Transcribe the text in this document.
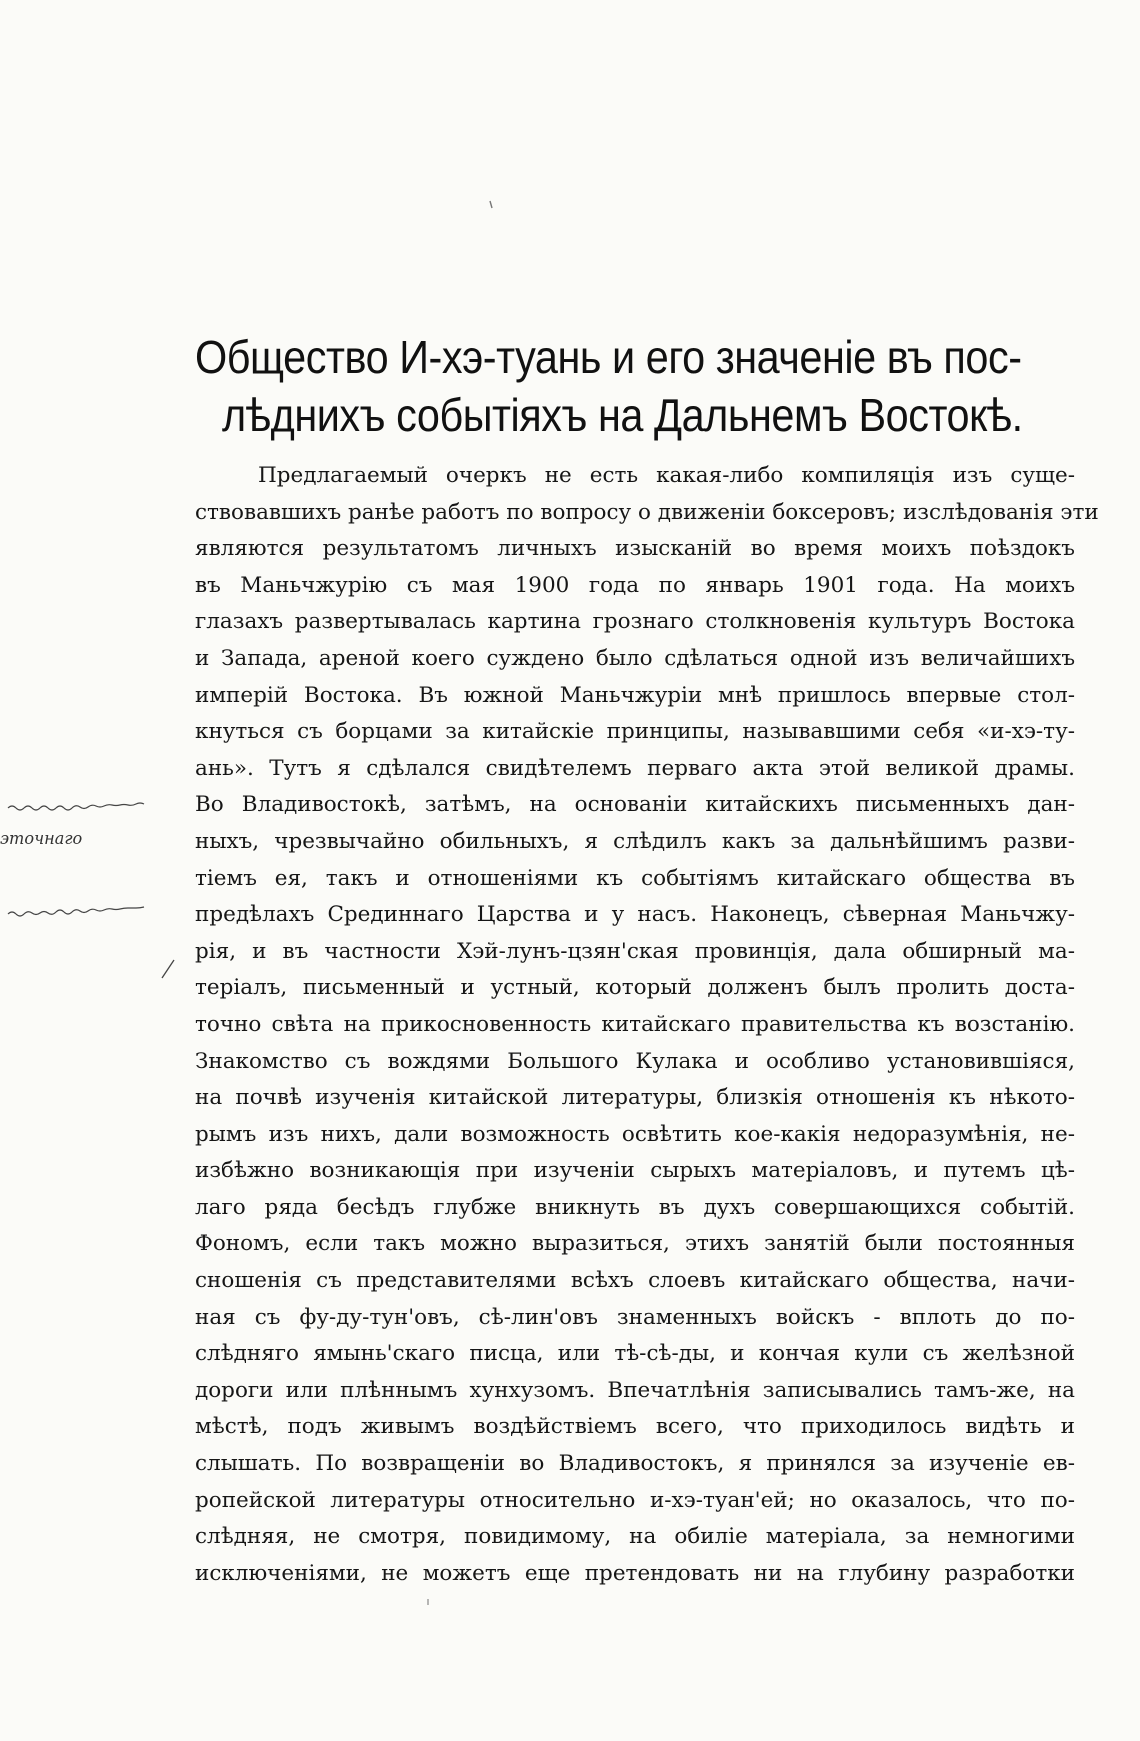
Общество И-хэ-туань и его значеніе въ пос-
лѣднихъ событіяхъ на Дальнемъ Востокѣ.
Предлагаемый очеркъ не есть какая-либо компиляція изъ суще-
ствовавшихъ ранѣе работъ по вопросу о движеніи боксеровъ; изслѣдованія эти
являются результатомъ личныхъ изысканій во время моихъ поѣздокъ
въ Маньчжурію съ мая 1900 года по январь 1901 года. На моихъ
глазахъ развертывалась картина грознаго столкновенія культуръ Востока
и Запада, ареной коего суждено было сдѣлаться одной изъ величайшихъ
имперій Востока. Въ южной Маньчжуріи мнѣ пришлось впервые стол-
кнуться съ борцами за китайскіе принципы, называвшими себя «и-хэ-ту-
ань». Тутъ я сдѣлался свидѣтелемъ перваго акта этой великой драмы.
Во Владивостокѣ, затѣмъ, на основаніи китайскихъ письменныхъ дан-
ныхъ, чрезвычайно обильныхъ, я слѣдилъ какъ за дальнѣйшимъ разви-
тіемъ ея, такъ и отношеніями къ событіямъ китайскаго общества въ
предѣлахъ Срединнаго Царства и у насъ. Наконецъ, сѣверная Маньчжу-
рія, и въ частности Хэй-лунъ-цзян'ская провинція, дала обширный ма-
теріалъ, письменный и устный, который долженъ былъ пролить доста-
точно свѣта на прикосновенность китайскаго правительства къ возстанію.
Знакомство съ вождями Большого Кулака и особливо установившіяся,
на почвѣ изученія китайской литературы, близкія отношенія къ нѣкото-
рымъ изъ нихъ, дали возможность освѣтить кое-какія недоразумѣнія, не-
избѣжно возникающія при изученіи сырыхъ матеріаловъ, и путемъ цѣ-
лаго ряда бесѣдъ глубже вникнуть въ духъ совершающихся событій.
Фономъ, если такъ можно выразиться, этихъ занятій были постоянныя
сношенія съ представителями всѣхъ слоевъ китайскаго общества, начи-
ная съ фу-ду-тун'овъ, сѣ-лин'овъ знаменныхъ войскъ - вплоть до по-
слѣдняго ямынь'скаго писца, или тѣ-сѣ-ды, и кончая кули съ желѣзной
дороги или плѣннымъ хунхузомъ. Впечатлѣнія записывались тамъ-же, на
мѣстѣ, подъ живымъ воздѣйствіемъ всего, что приходилось видѣть и
слышать. По возвращеніи во Владивостокъ, я принялся за изученіе ев-
ропейской литературы относительно и-хэ-туан'ей; но оказалось, что по-
слѣдняя, не смотря, повидимому, на обиліе матеріала, за немногими
исключеніями, не можетъ еще претендовать ни на глубину разработки
эточнаго
